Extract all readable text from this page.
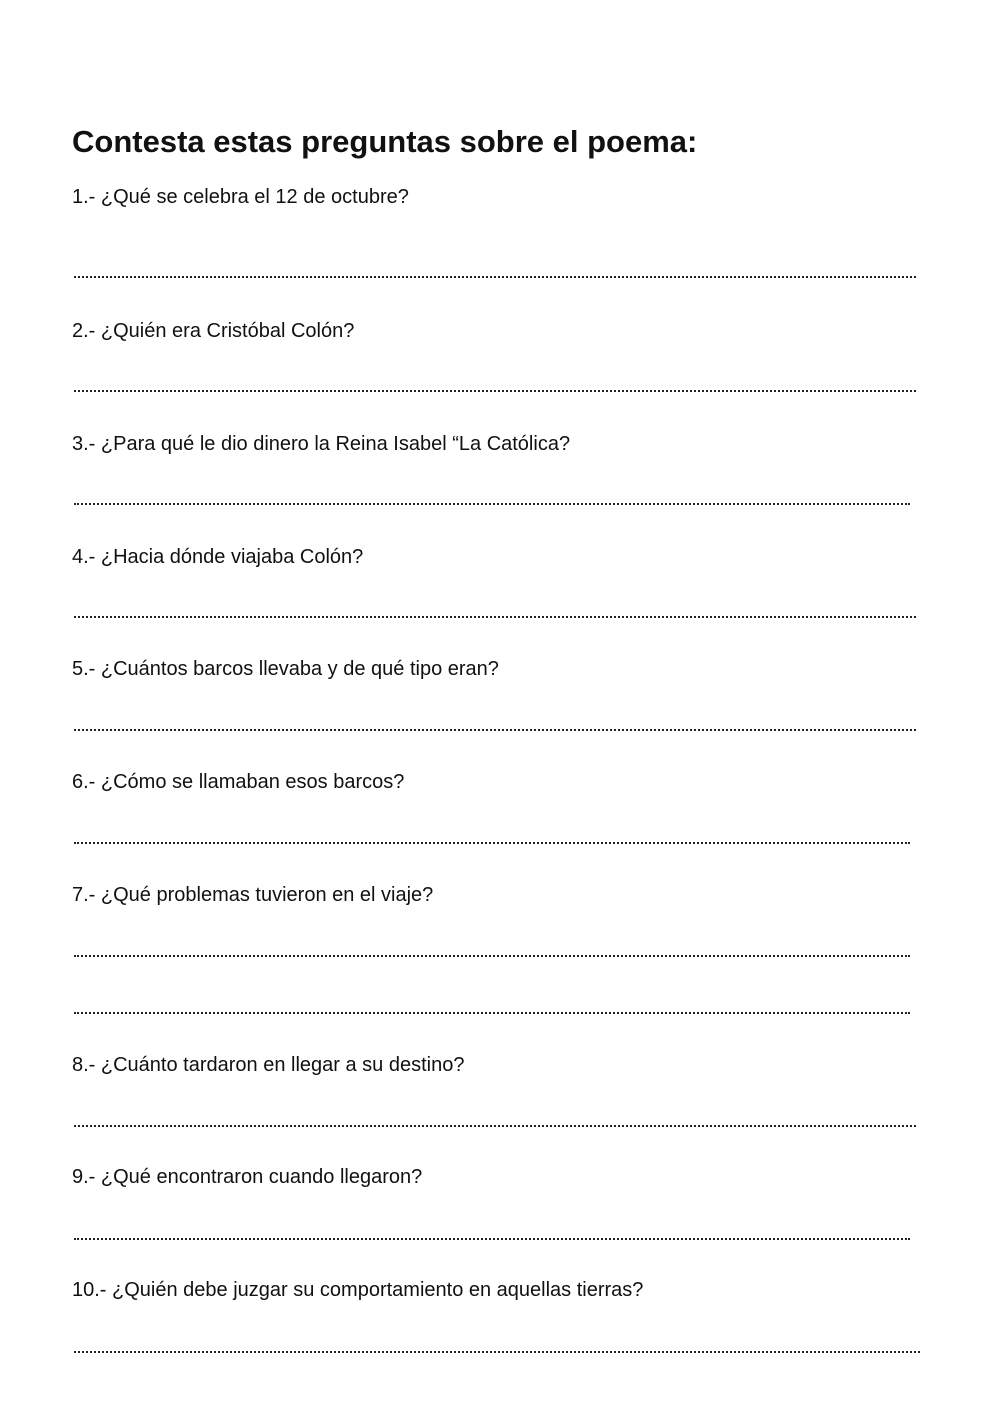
Contesta estas preguntas sobre el poema:

1.- ¿Qué se celebra el 12 de octubre?

2.- ¿Quién era Cristóbal Colón?

3.- ¿Para qué le dio dinero la Reina Isabel “La Católica?

4.- ¿Hacia dónde viajaba Colón?

5.- ¿Cuántos barcos llevaba y de qué tipo eran?

6.- ¿Cómo se llamaban esos barcos?

7.- ¿Qué problemas tuvieron en el viaje?

8.- ¿Cuánto tardaron en llegar a su destino?

9.- ¿Qué encontraron cuando llegaron?

10.- ¿Quién debe juzgar su comportamiento en aquellas tierras?
